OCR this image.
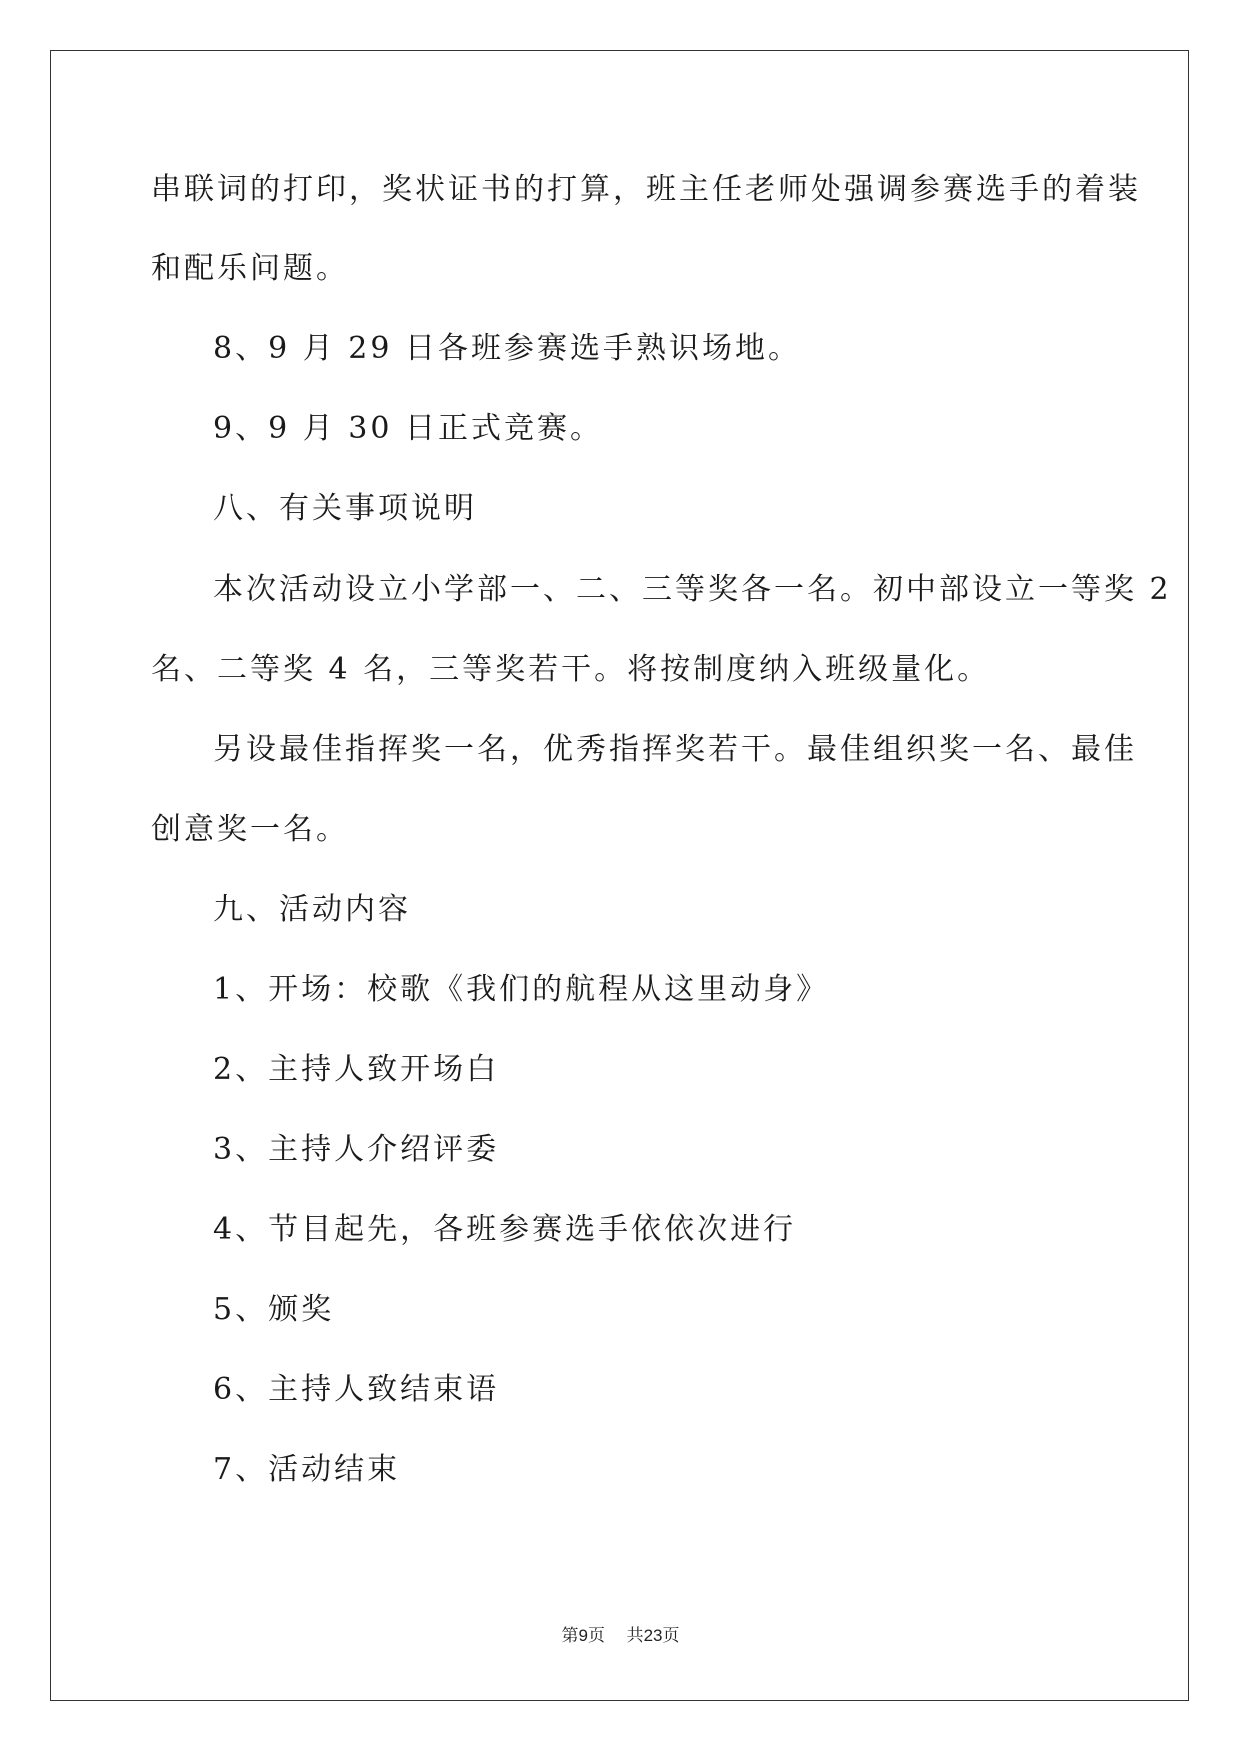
串联词的打印，奖状证书的打算，班主任老师处强调参赛选手的着装
和配乐问题。
8、9 月 29 日各班参赛选手熟识场地。
9、9 月 30 日正式竞赛。
八、有关事项说明
本次活动设立小学部一、二、三等奖各一名。初中部设立一等奖 2
名、二等奖 4 名，三等奖若干。将按制度纳入班级量化。
另设最佳指挥奖一名，优秀指挥奖若干。最佳组织奖一名、最佳
创意奖一名。
九、活动内容
1、开场：校歌《我们的航程从这里动身》
2、主持人致开场白
3、主持人介绍评委
4、节目起先，各班参赛选手依依次进行
5、颁奖
6、主持人致结束语
7、活动结束
第9页 共23页
